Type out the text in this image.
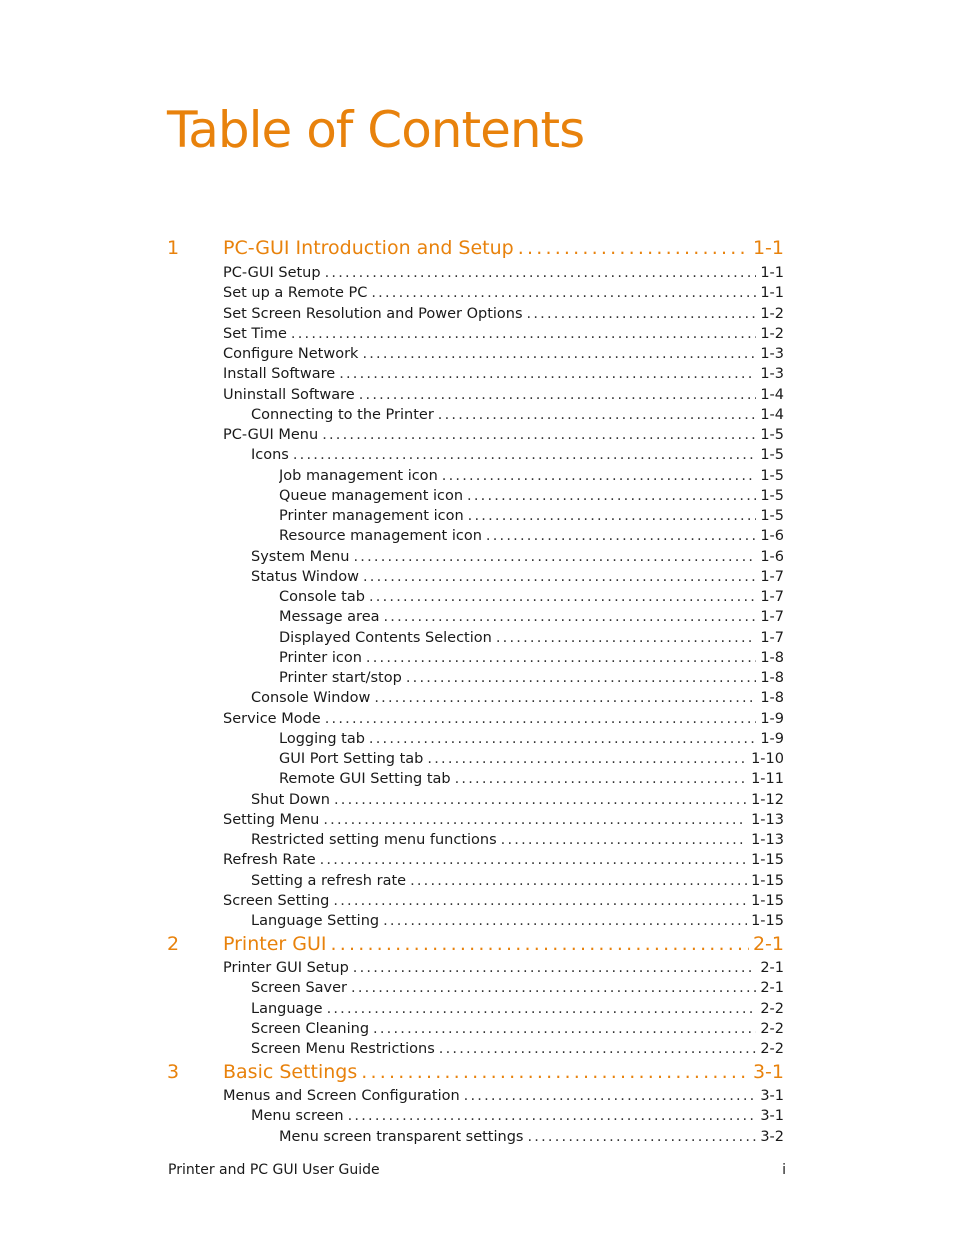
Table of Contents
1 PC-GUI Introduction and Setup .....	1-1
PC-GUI Setup .....	1-1
Set up a Remote PC .....	1-1
Set Screen Resolution and Power Options .....	1-2
Set Time .....	1-2
Configure Network .....	1-3
Install Software .....	1-3
Uninstall Software .....	1-4
Connecting to the Printer .....	1-4
PC-GUI Menu .....	1-5
Icons .....	1-5
Job management icon .....	1-5
Queue management icon .....	1-5
Printer management icon .....	1-5
Resource management icon .....	1-6
System Menu .....	1-6
Status Window .....	1-7
Console tab .....	1-7
Message area .....	1-7
Displayed Contents Selection .....	1-7
Printer icon .....	1-8
Printer start/stop .....	1-8
Console Window .....	1-8
Service Mode .....	1-9
Logging tab .....	1-9
GUI Port Setting tab .....	1-10
Remote GUI Setting tab .....	1-11
Shut Down .....	1-12
Setting Menu .....	1-13
Restricted setting menu functions .....	1-13
Refresh Rate .....	1-15
Setting a refresh rate .....	1-15
Screen Setting .....	1-15
Language Setting .....	1-15
2 Printer GUI .....	2-1
Printer GUI Setup .....	2-1
Screen Saver .....	2-1
Language .....	2-2
Screen Cleaning .....	2-2
Screen Menu Restrictions .....	2-2
3 Basic Settings .....	3-1
Menus and Screen Configuration .....	3-1
Menu screen .....	3-1
Menu screen transparent settings .....	3-2
Printer and PC GUI User Guide	i
